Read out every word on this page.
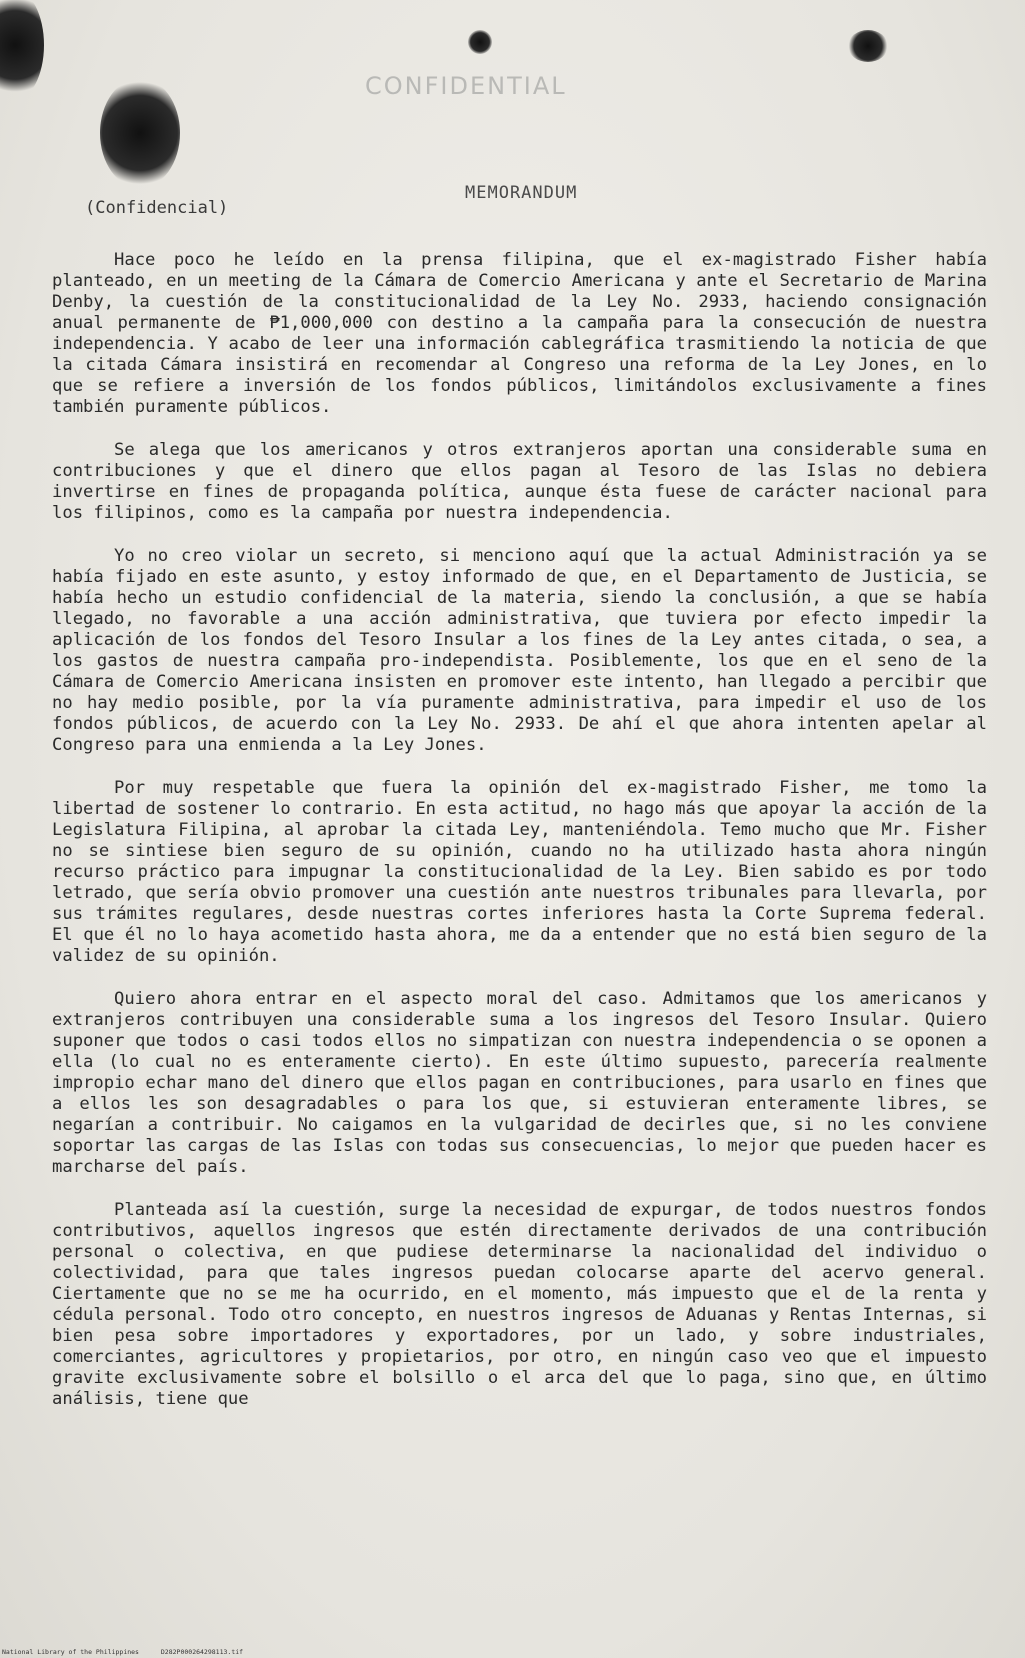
CONFIDENTIAL
(Confidencial)
MEMORANDUM

Hace poco he leído en la prensa filipina, que el ex-magistrado Fisher había planteado, en un meeting de la Cámara de Comercio Americana y ante el Secretario de Marina Denby, la cuestión de la constitucionalidad de la Ley No. 2933, haciendo consignación anual permanente de ₱1,000,000 con destino a la campaña para la consecución de nuestra independencia. Y acabo de leer una información cablegráfica trasmitiendo la noticia de que la citada Cámara insistirá en recomendar al Congreso una reforma de la Ley Jones, en lo que se refiere a inversión de los fondos públicos, limitándolos exclusivamente a fines también puramente públicos.

Se alega que los americanos y otros extranjeros aportan una considerable suma en contribuciones y que el dinero que ellos pagan al Tesoro de las Islas no debiera invertirse en fines de propaganda política, aunque ésta fuese de carácter nacional para los filipinos, como es la campaña por nuestra independencia.

Yo no creo violar un secreto, si menciono aquí que la actual Administración ya se había fijado en este asunto, y estoy informado de que, en el Departamento de Justicia, se había hecho un estudio confidencial de la materia, siendo la conclusión, a que se había llegado, no favorable a una acción administrativa, que tuviera por efecto impedir la aplicación de los fondos del Tesoro Insular a los fines de la Ley antes citada, o sea, a los gastos de nuestra campaña pro-independista. Posiblemente, los que en el seno de la Cámara de Comercio Americana insisten en promover este intento, han llegado a percibir que no hay medio posible, por la vía puramente administrativa, para impedir el uso de los fondos públicos, de acuerdo con la Ley No. 2933. De ahí el que ahora intenten apelar al Congreso para una enmienda a la Ley Jones.

Por muy respetable que fuera la opinión del ex-magistrado Fisher, me tomo la libertad de sostener lo contrario. En esta actitud, no hago más que apoyar la acción de la Legislatura Filipina, al aprobar la citada Ley, manteniéndola. Temo mucho que Mr. Fisher no se sintiese bien seguro de su opinión, cuando no ha utilizado hasta ahora ningún recurso práctico para impugnar la constitucionalidad de la Ley. Bien sabido es por todo letrado, que sería obvio promover una cuestión ante nuestros tribunales para llevarla, por sus trámites regulares, desde nuestras cortes inferiores hasta la Corte Suprema federal. El que él no lo haya acometido hasta ahora, me da a entender que no está bien seguro de la validez de su opinión.

Quiero ahora entrar en el aspecto moral del caso. Admitamos que los americanos y extranjeros contribuyen una considerable suma a los ingresos del Tesoro Insular. Quiero suponer que todos o casi todos ellos no simpatizan con nuestra independencia o se oponen a ella (lo cual no es enteramente cierto). En este último supuesto, parecería realmente impropio echar mano del dinero que ellos pagan en contribuciones, para usarlo en fines que a ellos les son desagradables o para los que, si estuvieran enteramente libres, se negarían a contribuir. No caigamos en la vulgaridad de decirles que, si no les conviene soportar las cargas de las Islas con todas sus consecuencias, lo mejor que pueden hacer es marcharse del país.

Planteada así la cuestión, surge la necesidad de expurgar, de todos nuestros fondos contributivos, aquellos ingresos que estén directamente derivados de una contribución personal o colectiva, en que pudiese determinarse la nacionalidad del individuo o colectividad, para que tales ingresos puedan colocarse aparte del acervo general. Ciertamente que no se me ha ocurrido, en el momento, más impuesto que el de la renta y cédula personal. Todo otro concepto, en nuestros ingresos de Aduanas y Rentas Internas, si bien pesa sobre importadores y exportadores, por un lado, y sobre industriales, comerciantes, agricultores y propietarios, por otro, en ningún caso veo que el impuesto gravite exclusivamente sobre el bolsillo o el arca del que lo paga, sino que, en último análisis, tiene que

National Library of the Philippines	D282P000264298113.tif
